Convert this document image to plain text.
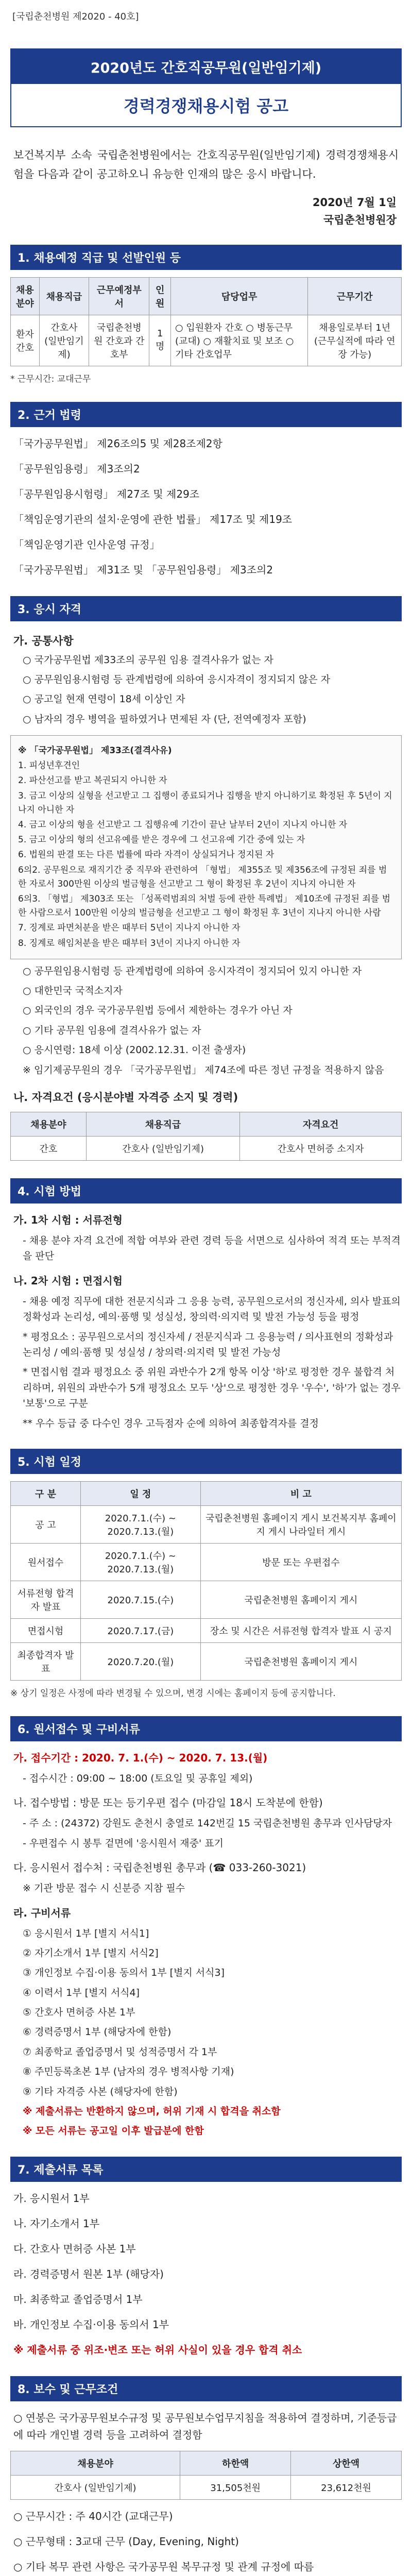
[국립춘천병원 제2020 - 40호]
2020년도 간호직공무원(일반임기제)
경력경쟁채용시험 공고
보건복지부 소속 국립춘천병원에서는 간호직공무원(일반임기제) 경력경쟁채용시험을 다음과 같이 공고하오니 유능한 인재의 많은 응시 바랍니다.
2020년 7월 1일
국립춘천병원장
1. 채용예정 직급 및 선발인원 등
채용분야	채용직급	근무예정부서	인원	담당업무	근무기간
환자간호	간호사 (일반임기제)	국립춘천병원 간호과 간호부	1명	○ 입원환자 간호 ○ 병동근무(교대) ○ 재활치료 및 보조 ○ 기타 간호업무	채용일로부터 1년 (근무실적에 따라 연장 가능)
* 근무시간: 교대근무
2. 근거 법령
「국가공무원법」 제26조의5 및 제28조제2항
「공무원임용령」 제3조의2
「공무원임용시험령」 제27조 및 제29조
「책임운영기관의 설치·운영에 관한 법률」 제17조 및 제19조
「책임운영기관 인사운영 규정」
「국가공무원법」 제31조 및 「공무원임용령」 제3조의2
3. 응시 자격
가. 공통사항
○ 국가공무원법 제33조의 공무원 임용 결격사유가 없는 자
○ 공무원임용시험령 등 관계법령에 의하여 응시자격이 정지되지 않은 자
○ 공고일 현재 연령이 18세 이상인 자
○ 남자의 경우 병역을 필하였거나 면제된 자 (단, 전역예정자 포함)
※ 「국가공무원법」 제33조(결격사유)
1. 피성년후견인
2. 파산선고를 받고 복권되지 아니한 자
3. 금고 이상의 실형을 선고받고 그 집행이 종료되거나 집행을 받지 아니하기로 확정된 후 5년이 지나지 아니한 자
4. 금고 이상의 형을 선고받고 그 집행유예 기간이 끝난 날부터 2년이 지나지 아니한 자
5. 금고 이상의 형의 선고유예를 받은 경우에 그 선고유예 기간 중에 있는 자
6. 법원의 판결 또는 다른 법률에 따라 자격이 상실되거나 정지된 자
6의2. 공무원으로 재직기간 중 직무와 관련하여 「형법」 제355조 및 제356조에 규정된 죄를 범한 자로서 300만원 이상의 벌금형을 선고받고 그 형이 확정된 후 2년이 지나지 아니한 자
6의3. 「형법」 제303조 또는 「성폭력범죄의 처벌 등에 관한 특례법」 제10조에 규정된 죄를 범한 사람으로서 100만원 이상의 벌금형을 선고받고 그 형이 확정된 후 3년이 지나지 아니한 사람
7. 징계로 파면처분을 받은 때부터 5년이 지나지 아니한 자
8. 징계로 해임처분을 받은 때부터 3년이 지나지 아니한 자
○ 공무원임용시험령 등 관계법령에 의하여 응시자격이 정지되어 있지 아니한 자
○ 대한민국 국적소지자
○ 외국인의 경우 국가공무원법 등에서 제한하는 경우가 아닌 자
○ 기타 공무원 임용에 결격사유가 없는 자
○ 응시연령: 18세 이상 (2002.12.31. 이전 출생자)
※ 임기제공무원의 경우 「국가공무원법」 제74조에 따른 정년 규정을 적용하지 않음
나. 자격요건 (응시분야별 자격증 소지 및 경력)
채용분야	채용직급	자격요건
간호	간호사 (일반임기제)	간호사 면허증 소지자
4. 시험 방법
가. 1차 시험 : 서류전형
- 채용 분야 자격 요건에 적합 여부와 관련 경력 등을 서면으로 심사하여 적격 또는 부적격을 판단
나. 2차 시험 : 면접시험
- 채용 예정 직무에 대한 전문지식과 그 응용 능력, 공무원으로서의 정신자세, 의사 발표의 정확성과 논리성, 예의·품행 및 성실성, 창의력·의지력 및 발전 가능성 등을 평정
* 평정요소 : 공무원으로서의 정신자세 / 전문지식과 그 응용능력 / 의사표현의 정확성과 논리성 / 예의·품행 및 성실성 / 창의력·의지력 및 발전 가능성
* 면접시험 결과 평정요소 중 위원 과반수가 2개 항목 이상 '하'로 평정한 경우 불합격 처리하며, 위원의 과반수가 5개 평정요소 모두 '상'으로 평정한 경우 '우수', '하'가 없는 경우 '보통'으로 구분
** 우수 등급 중 다수인 경우 고득점자 순에 의하여 최종합격자를 결정
5. 시험 일정
구 분	일 정	비 고
공 고	2020.7.1.(수) ~ 2020.7.13.(월)	국립춘천병원 홈페이지 게시 보건복지부 홈페이지 게시 나라일터 게시
원서접수	2020.7.1.(수) ~ 2020.7.13.(월)	방문 또는 우편접수
서류전형 합격자 발표	2020.7.15.(수)	국립춘천병원 홈페이지 게시
면접시험	2020.7.17.(금)	장소 및 시간은 서류전형 합격자 발표 시 공지
최종합격자 발표	2020.7.20.(월)	국립춘천병원 홈페이지 게시
※ 상기 일정은 사정에 따라 변경될 수 있으며, 변경 시에는 홈페이지 등에 공지합니다.
6. 원서접수 및 구비서류
가. 접수기간 : 2020. 7. 1.(수) ~ 2020. 7. 13.(월)
- 접수시간 : 09:00 ~ 18:00 (토요일 및 공휴일 제외)
나. 접수방법 : 방문 또는 등기우편 접수 (마감일 18시 도착분에 한함)
- 주 소 : (24372) 강원도 춘천시 충열로 142번길 15 국립춘천병원 총무과 인사담당자
- 우편접수 시 봉투 겉면에 '응시원서 재중' 표기
다. 응시원서 접수처 : 국립춘천병원 총무과 (☎ 033-260-3021)
※ 기관 방문 접수 시 신분증 지참 필수
라. 구비서류
① 응시원서 1부 [별지 서식1]
② 자기소개서 1부 [별지 서식2]
③ 개인정보 수집·이용 동의서 1부 [별지 서식3]
④ 이력서 1부 [별지 서식4]
⑤ 간호사 면허증 사본 1부
⑥ 경력증명서 1부 (해당자에 한함)
⑦ 최종학교 졸업증명서 및 성적증명서 각 1부
⑧ 주민등록초본 1부 (남자의 경우 병적사항 기재)
⑨ 기타 자격증 사본 (해당자에 한함)
※ 제출서류는 반환하지 않으며, 허위 기재 시 합격을 취소함
※ 모든 서류는 공고일 이후 발급분에 한함
7. 제출서류 목록
가. 응시원서 1부
나. 자기소개서 1부
다. 간호사 면허증 사본 1부
라. 경력증명서 원본 1부 (해당자)
마. 최종학교 졸업증명서 1부
바. 개인정보 수집·이용 동의서 1부
※ 제출서류 중 위조·변조 또는 허위 사실이 있을 경우 합격 취소
8. 보수 및 근무조건
○ 연봉은 국가공무원보수규정 및 공무원보수업무지침을 적용하여 결정하며, 기준등급에 따라 개인별 경력 등을 고려하여 결정함
채용분야	하한액	상한액
간호사 (일반임기제)	31,505천원	23,612천원
○ 근무시간 : 주 40시간 (교대근무)
○ 근무형태 : 3교대 근무 (Day, Evening, Night)
○ 기타 복무 관련 사항은 국가공무원 복무규정 및 관계 규정에 따름
